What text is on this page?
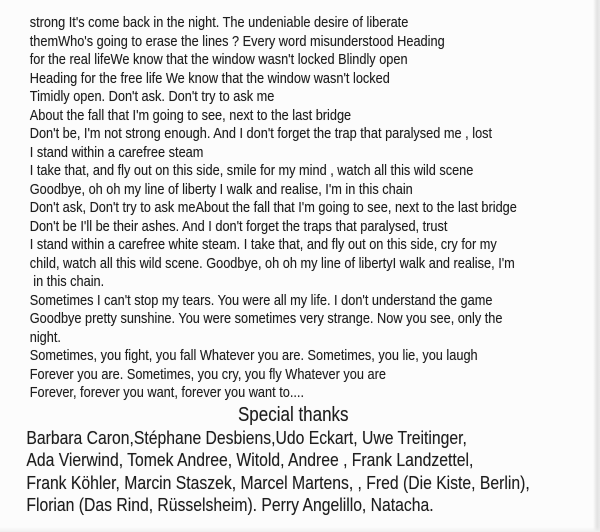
strong It's come back in the night. The undeniable desire of liberate
themWho's going to erase the lines ? Every word misunderstood Heading
for the real lifeWe know that the window wasn't locked Blindly open
Heading for the free life We know that the window wasn't locked
Timidly open. Don't ask. Don't try to ask me
About the fall that I'm going to see, next to the last bridge
Don't be, I'm not strong enough. And I don't forget the trap that paralysed me , lost
I stand within a carefree steam
I take that, and fly out on this side, smile for my mind , watch all this wild scene
Goodbye, oh oh my line of liberty I walk and realise, I'm in this chain
Don't ask, Don't try to ask meAbout the fall that I'm going to see, next to the last bridge
Don't be I'll be their ashes. And I don't forget the traps that paralysed, trust
I stand within a carefree white steam. I take that, and fly out on this side, cry for my
child, watch all this wild scene. Goodbye, oh oh my line of libertyI walk and realise, I'm
in this chain.
Sometimes I can't stop my tears. You were all my life. I don't understand the game
Goodbye pretty sunshine. You were sometimes very strange. Now you see, only the
night.
Sometimes, you fight, you fall Whatever you are. Sometimes, you lie, you laugh
Forever you are. Sometimes, you cry, you fly Whatever you are
Forever, forever you want, forever you want to....
Special thanks
Barbara Caron,Stéphane Desbiens,Udo Eckart, Uwe Treitinger,
Ada Vierwind, Tomek Andree, Witold, Andree , Frank Landzettel,
Frank Köhler, Marcin Staszek, Marcel Martens, , Fred (Die Kiste, Berlin),
Florian (Das Rind, Rüsselsheim). Perry Angelillo, Natacha.
